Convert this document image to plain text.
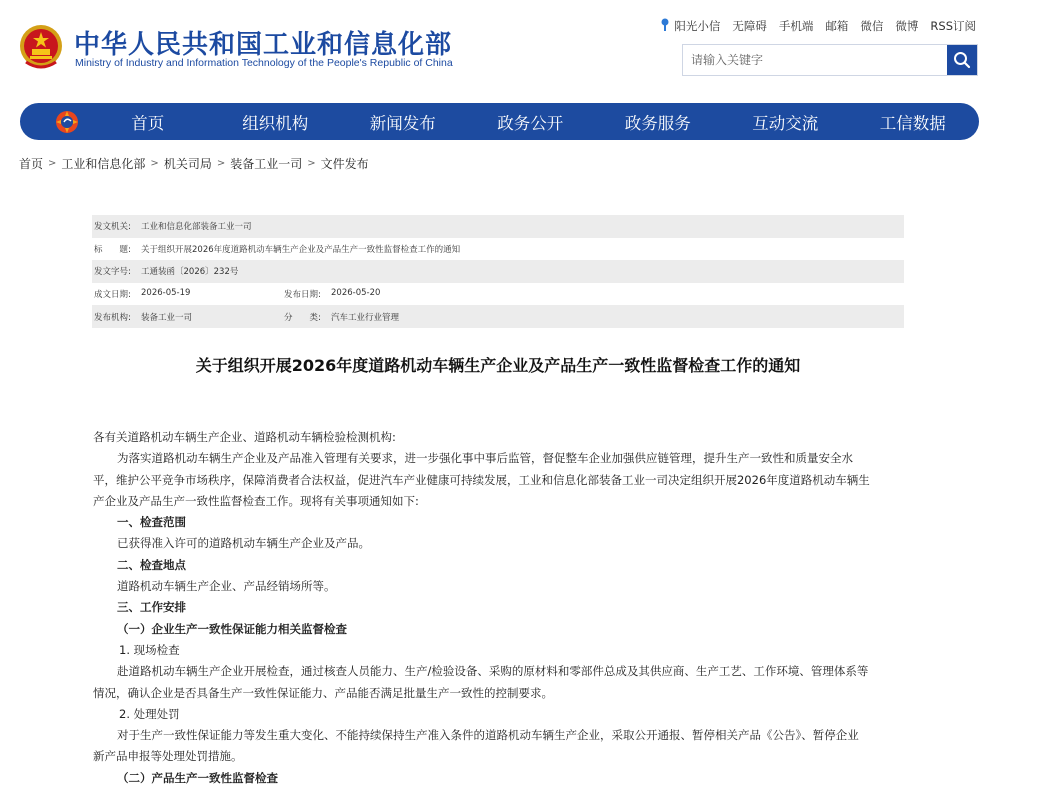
中华人民共和国工业和信息化部
Ministry of Industry and Information Technology of the People's Republic of China
阳光小信 无障碍 手机端 邮箱 微信 微博 RSS订阅
请输入关键字
首页	组织机构	新闻发布	政务公开	政务服务	互动交流	工信数据
首页 > 工业和信息化部 > 机关司局 > 装备工业一司 > 文件发布
发文机关:	工业和信息化部装备工业一司
标　　题:	关于组织开展2026年度道路机动车辆生产企业及产品生产一致性监督检查工作的通知
发文字号:	工通装函〔2026〕232号
成文日期:	2026-05-19	发布日期:	2026-05-20
发布机构:	装备工业一司	分　　类:	汽车工业行业管理
关于组织开展2026年度道路机动车辆生产企业及产品生产一致性监督检查工作的通知

各有关道路机动车辆生产企业、道路机动车辆检验检测机构:

为落实道路机动车辆生产企业及产品准入管理有关要求，进一步强化事中事后监管，督促整车企业加强供应链管理，提升生产一致性和质量安全水

平，维护公平竞争市场秩序，保障消费者合法权益，促进汽车产业健康可持续发展，工业和信息化部装备工业一司决定组织开展2026年度道路机动车辆生

产企业及产品生产一致性监督检查工作。现将有关事项通知如下:

一、检查范围

已获得准入许可的道路机动车辆生产企业及产品。

二、检查地点

道路机动车辆生产企业、产品经销场所等。

三、工作安排

（一）企业生产一致性保证能力相关监督检查

1. 现场检查

赴道路机动车辆生产企业开展检查，通过核查人员能力、生产/检验设备、采购的原材料和零部件总成及其供应商、生产工艺、工作环境、管理体系等

情况，确认企业是否具备生产一致性保证能力、产品能否满足批量生产一致性的控制要求。

2. 处理处罚

对于生产一致性保证能力等发生重大变化、不能持续保持生产准入条件的道路机动车辆生产企业，采取公开通报、暂停相关产品《公告》、暂停企业

新产品申报等处理处罚措施。

（二）产品生产一致性监督检查
